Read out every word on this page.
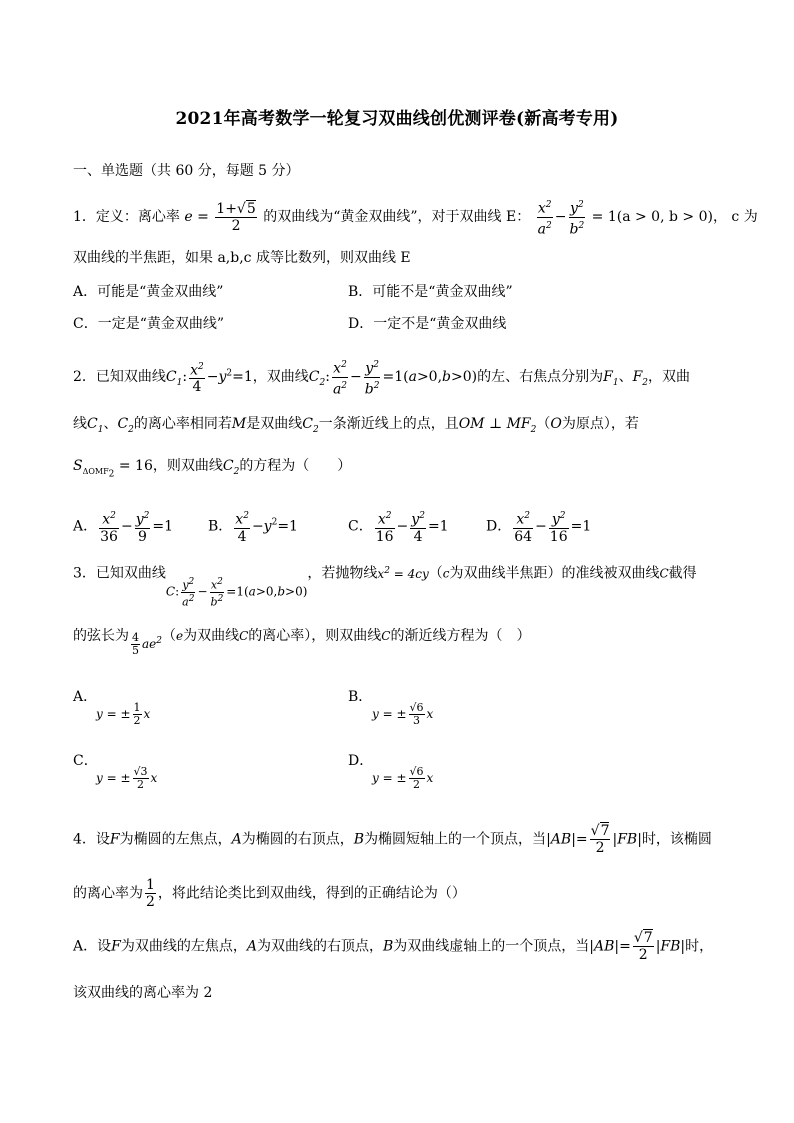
2021年高考数学一轮复习双曲线创优测评卷(新高考专用)
一、单选题（共 60 分，每题 5 分）
1．定义：离心率 $e = \frac{1+√5}{2}$ 的双曲线为“黄金双曲线”，对于双曲线 E： $\frac{x^2}{a^2} - \frac{y^2}{b^2} = 1(a > 0$, b > 0)， c 为
双曲线的半焦距，如果 a,b,c 成等比数列，则双曲线 E
A．可能是“黄金双曲线”	B．可能不是“黄金双曲线”
C．一定是“黄金双曲线”	D．一定不是“黄金双曲线
2．已知双曲线$C_1$: $\frac{x^2}{4} -y^2=1$，双曲线$C_2$: $\frac{x^2}{a^2} - \frac{y^2}{b^2} =1(a>0,b>0)$的左、右焦点分别为$F_1$、$F_2$，双曲
线$C_1$、$C_2$的离心率相同若M是双曲线$C_2$一条渐近线上的点，且OM ⊥ $MF_2(O$为原点），若
$S_{\Delta OMF_2} = 16$，则双曲线$C_2$的方程为（　　）
A． $\frac{x^2}{36} - \frac{y^2}{9} =1$	B． $\frac{x^2}{4} -y^2=1$	C． $\frac{x^2}{16} - \frac{y^2}{4} =1$	D． $\frac{x^2}{64} - \frac{y^2}{16} =1$
3．已知双曲线C: $\frac{y^2}{a^2} - \frac{x^2}{b^2} =1(a>0,b>0)$，若抛物线$x^2 = 4cy(c$为双曲线半焦距）的准线被双曲线C截得
的弦长为 $\frac{4}{5} ae^2(e$为双曲线C的离心率），则双曲线C的渐近线方程为（　）
A．
y = ± $\frac{1}{2}$ x
B．
y = ± $\frac{√6}{3}$ x
C．
y = ± $\frac{√3}{2}$ x
D．
y = ± $\frac{√6}{2}$ x
4．设F为椭圆的左焦点，A为椭圆的右顶点，B为椭圆短轴上的一个顶点，当$|AB|= \frac{√7}{2} |FB|$时，该椭圆
的离心率为 $\frac{1}{2}$ ，将此结论类比到双曲线，得到的正确结论为（）
A．设F为双曲线的左焦点，A为双曲线的右顶点，B为双曲线虚轴上的一个顶点，当$|AB|= \frac{√7}{2} |FB|$时，
该双曲线的离心率为 2
